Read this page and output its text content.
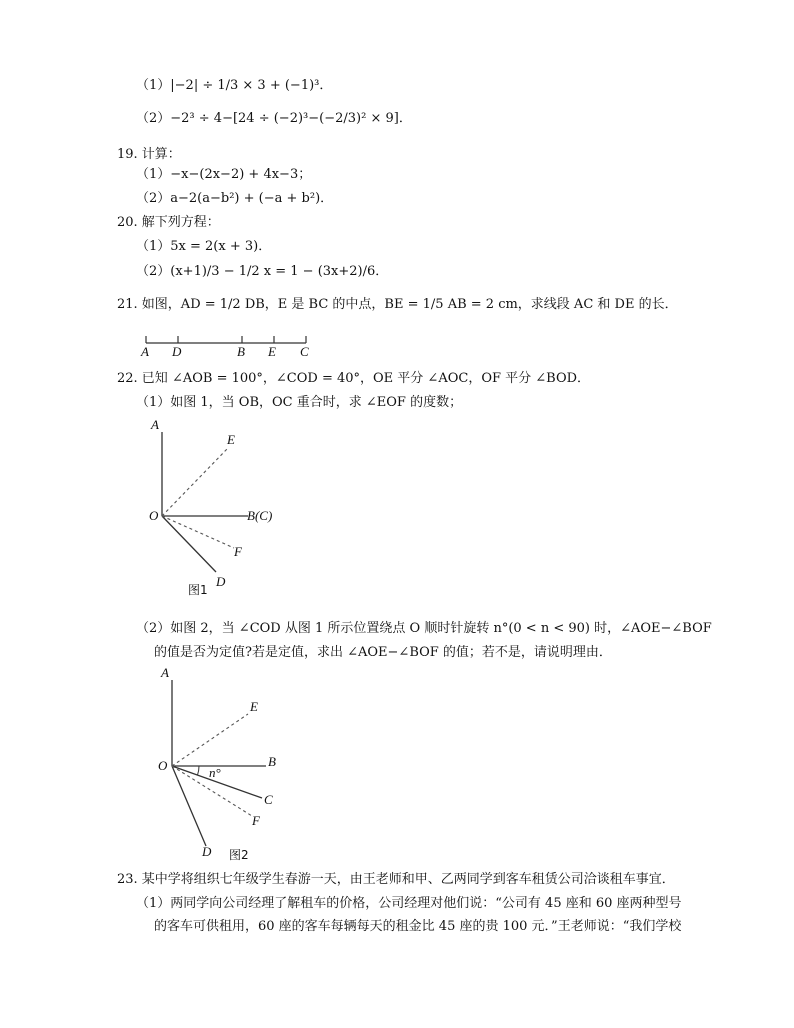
（1）|−2| ÷ 1/3 × 3 + (−1)³．
（2）−2³ ÷ 4−[24 ÷ (−2)³−(−2/3)² × 9]．
19. 计算：
（1）−x−(2x−2) + 4x−3；
（2）a−2(a−b²) + (−a + b²)．
20. 解下列方程：
（1）5x = 2(x + 3)．
（2）(x+1)/3 − 1/2 x = 1 − (3x+2)/6．
21. 如图，AD = 1/2 DB，E 是 BC 的中点，BE = 1/5 AB = 2 cm，求线段 AC 和 DE 的长．
A D	B E C
22. 已知 ∠AOB = 100°，∠COD = 40°，OE 平分 ∠AOC，OF 平分 ∠BOD．
（1）如图 1，当 OB，OC 重合时，求 ∠EOF 的度数；
A
E
O	B(C)
F
D
图1
（2）如图 2，当 ∠COD 从图 1 所示位置绕点 O 顺时针旋转 n°(0 < n < 90) 时，∠AOE−∠BOF
的值是否为定值?若是定值，求出 ∠AOE−∠BOF 的值；若不是，请说明理由．
A
E
O	B
C
F
D
n°
图2
23. 某中学将组织七年级学生春游一天，由王老师和甲、乙两同学到客车租赁公司洽谈租车事宜．
（1）两同学向公司经理了解租车的价格，公司经理对他们说：“公司有 45 座和 60 座两种型号
的客车可供租用，60 座的客车每辆每天的租金比 45 座的贵 100 元．”王老师说：“我们学校
